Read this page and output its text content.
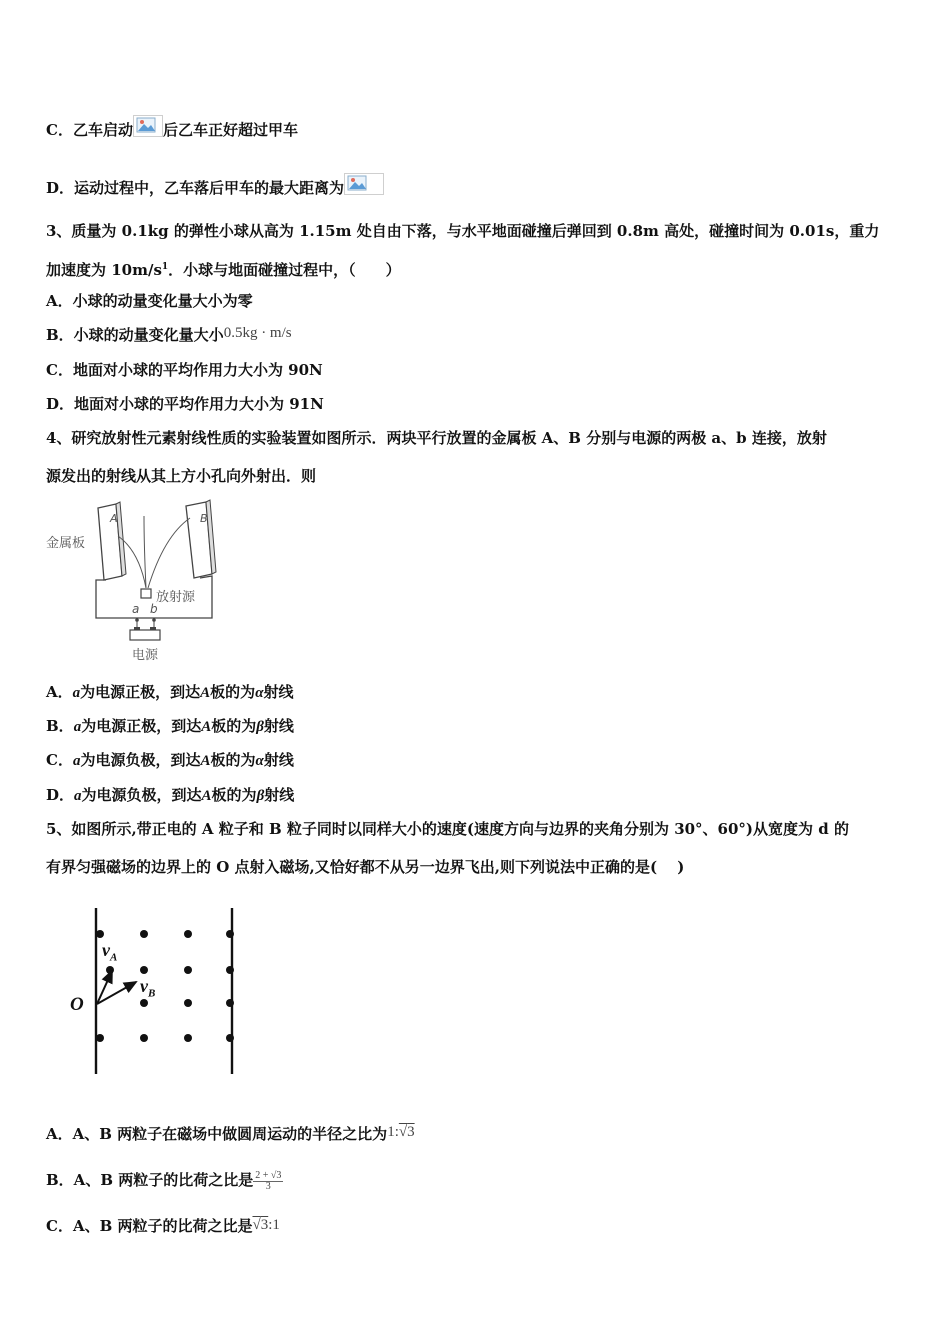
C．乙车启动 后乙车正好超过甲车
D．运动过程中，乙车落后甲车的最大距离为
3、质量为 0.1kg 的弹性小球从高为 1.15m 处自由下落，与水平地面碰撞后弹回到 0.8m 高处，碰撞时间为 0.01s，重力
加速度为 $10m/s^1$．小球与地面碰撞过程中，（　　）
A．小球的动量变化量大小为零
B．小球的动量变化量大小0.5kg · m/s
C．地面对小球的平均作用力大小为 90N
D．地面对小球的平均作用力大小为 91N
4、研究放射性元素射线性质的实验装置如图所示．两块平行放置的金属板 A、B 分别与电源的两极 a、b 连接，放射
源发出的射线从其上方小孔向外射出．则
A	B
金属板
放射源
a b
电源
A．a为电源正极，到达A板的为α射线
B．a为电源正极，到达A板的为β射线
C．a为电源负极，到达A板的为α射线
D．a为电源负极，到达A板的为β射线
5、如图所示,带正电的 A 粒子和 B 粒子同时以同样大小的速度(速度方向与边界的夹角分别为 30°、60°)从宽度为 d 的
有界匀强磁场的边界上的 O 点射入磁场,又恰好都不从另一边界飞出,则下列说法中正确的是(　 )
O
$v_A$
$v_B$
A．A、B 两粒子在磁场中做圆周运动的半径之比为1:√3
B．A、B 两粒子的比荷之比是 $\frac{2 + √3}{3}$
C．A、B 两粒子的比荷之比是√3:1
